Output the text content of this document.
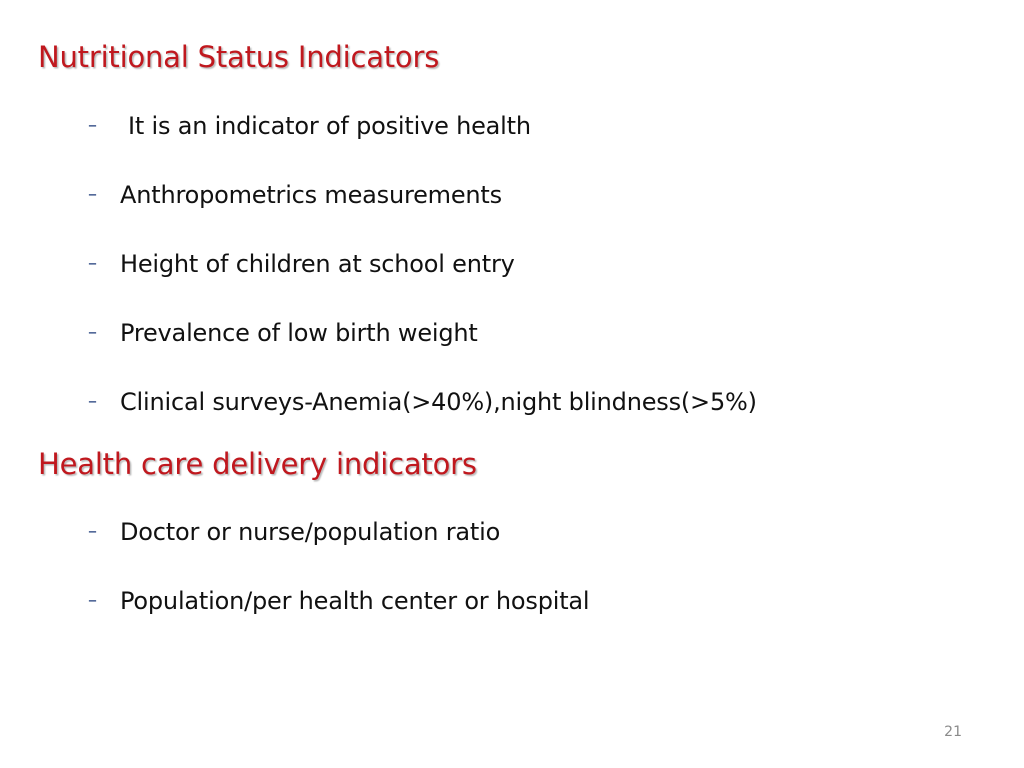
Nutritional Status Indicators
–	It is an indicator of positive health
– Anthropometrics measurements
– Height of children at school entry
– Prevalence of low birth weight
– Clinical surveys-Anemia(>40%),night blindness(>5%)
Health care delivery indicators
– Doctor or nurse/population ratio
– Population/per health center or hospital
21
